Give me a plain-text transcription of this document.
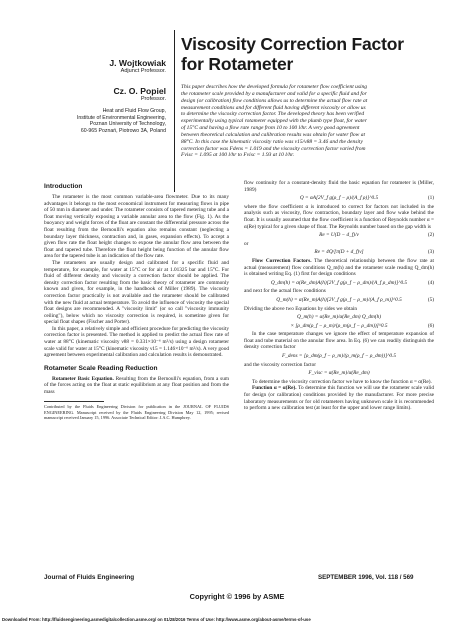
J. Wojtkowiak
Adjunct Professor.
Cz. O. Popiel
Professor.
Heat and Fluid Flow Group,
Institute of Environmental Engineering,
Poznan University of Technology,
60-965 Poznań, Piotrowo 3A, Poland
Viscosity Correction Factor
for Rotameter
This paper describes how the developed formula for rotameter flow coefficient using
the rotameter scale provided by a manufacturer and valid for a specific fluid and for
design (or calibration) flow conditions allows us to determine the actual flow rate at
measurement conditions and for different fluid having different viscosity or allow us
to determine the viscosity correction factor. The developed theory has been verified
experimentally using typical rotameter equipped with the plumb type float, for water
of 15°C and having a flow rate range from 10 to 100 l/hr. A very good agreement
between theoretical calculation and calibration results was obtain for water flow at
88°C. In this case the kinematic viscosity ratio was ν15/ν88 = 3.46 and the density
correction factor was Fdens = 1.019 and the viscosity correction factor varied from
Fvisc = 1.095 at 100 l/hr to Fvisc = 1.93 at 10 l/hr.
Introduction

The rotameter is the most common variable-area flowmeter. Due to its many advantages it belongs to the most economical instrument for measuring flows in pipe of 50 mm in diameter and under. The rotameter consists of tapered metering tube and a float moving vertically exposing a variable annular area to the flow (Fig. 1). As the buoyancy and weight forces of the float are constant the differential pressure across the float resulting from the Bernoulli's equation also remains constant (neglecting a boundary layer thickness, contraction and, in gases, expansion effects). To accept a given flow rate the float height changes to expose the annular flow area between the float and tapered tube. Therefore the float height being function of the annular flow area for the tapered tube is an indication of the flow rate.

The rotameters are usually design and calibrated for a specific fluid and temperature, for example, for water at 15°C or for air at 1.01325 bar and 15°C. For fluid of different density and viscosity a correction factor should be applied. The density correction factor resulting from the basic theory of rotameter are commonly known and given, for example, in the handbook of Miller (1989). The viscosity correction factor practically is not available and the rotameter should be calibrated with the new fluid at actual temperature. To avoid the influence of viscosity the special float designs are recommended. A "viscosity limit" (or so call "viscosity immunity ceiling"), below which no viscosity correction is required, is sometime given for special float shapes (Fischer and Porter).

In this paper, a relatively simple and efficient procedure for predicting the viscosity correction factor is presented. The method is applied to predict the actual flow rate of water at 88°C (kinematic viscosity ν88 = 0.331×10⁻⁶ m²/s) using a design rotameter scale valid for water at 15°C (kinematic viscosity ν15 = 1.146×10⁻⁶ m²/s). A very good agreement between experimental calibration and calculation results is demonstrated.

Rotameter Scale Reading Reduction

Rotameter Basic Equation. Resulting from the Bernoulli's equation, from a sum of the forces acting on the float at static equilibrium at any float position and from the mass

Contributed by the Fluids Engineering Division for publication in the JOURNAL OF FLUIDS ENGINEERING. Manuscript received by the Fluids Engineering Division May 12, 1995; revised manuscript received January 15, 1996. Associate Technical Editor: J.A.C. Humphrey.

flow continuity for a constant-density fluid the basic equation for rotameter is (Miller, 1989)

Q = αA[2V_f g(ρ_f − ρ)/(A_f ρ)]^0.5	(1)

where the flow coefficient α is introduced to correct for factors not included in the analysis such as viscosity, flow contraction, boundary layer and flow wake behind the float. It is usually assumed that the flow coefficient is a function of Reynolds number α = α(Re) typical for a given shape of float. The Reynolds number based on the gap width is

Re = U(D − d_f)/ν	(2)

or

Re = 4Q/[π(D + d_f)ν]	(3)

Flow Correction Factors. The theoretical relationship between the flow rate at actual (measurement) flow conditions Q_m(h) and the rotameter scale reading Q_dm(h) is obtained writing Eq. (1) first for design conditions

Q_dm(h) = α(Re_dm)A(h)[2V_f g(ρ_f − ρ_dm)/(A_f ρ_dm)]^0.5	(4)

and next for the actual flow conditions

Q_m(h) = α(Re_m)A(h)[2V_f g(ρ_f − ρ_m)/(A_f ρ_m)]^0.5	(5)

Dividing the above two Equations by sides we obtain

Q_m(h) = α(Re_m)/α(Re_dm) Q_dm(h)
× [ρ_dm(ρ_f − ρ_m)/(ρ_m(ρ_f − ρ_dm))]^0.5	(6)

In the case temperature changes we ignore the effect of temperature expansion of float and tube material on the annular flow area. In Eq. (6) we can readily distinguish the density correction factor

F_dens = [ρ_dm(ρ_f − ρ_m)/(ρ_m(ρ_f − ρ_dm))]^0.5

and the viscosity correction factor

F_visc = α(Re_m)/α(Re_dm)

To determine the viscosity correction factor we have to know the function α = α(Re).

Function α = α(Re). To determine this function we will use the rotameter scale valid for design (or calibration) conditions provided by the manufacturer. For more precise laboratory measurements or for old rotameters having unknown scale it is recommended to perform a new calibration test (at least for the upper and lower range limits).

Journal of Fluids Engineering	SEPTEMBER 1996, Vol. 118 / 569
Copyright © 1996 by ASME
Downloaded From: http://fluidsengineering.asmedigitalcollection.asme.org/ on 01/28/2016 Terms of Use: http://www.asme.org/about-asme/terms-of-use
